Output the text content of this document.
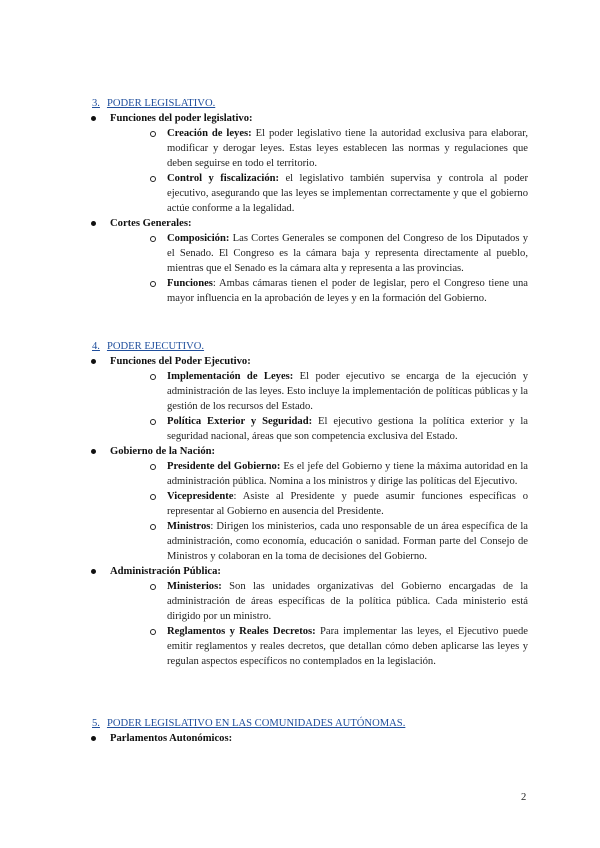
3. PODER LEGISLATIVO.
Funciones del poder legislativo:

Creación de leyes: El poder legislativo tiene la autoridad exclusiva para elaborar, modificar y derogar leyes. Estas leyes establecen las normas y regulaciones que deben seguirse en todo el territorio.

Control y fiscalización: el legislativo también supervisa y controla al poder ejecutivo, asegurando que las leyes se implementan correctamente y que el gobierno actúe conforme a la legalidad.

Cortes Generales:

Composición: Las Cortes Generales se componen del Congreso de los Diputados y el Senado. El Congreso es la cámara baja y representa directamente al pueblo, mientras que el Senado es la cámara alta y representa a las provincias.

Funciones: Ambas cámaras tienen el poder de legislar, pero el Congreso tiene una mayor influencia en la aprobación de leyes y en la formación del Gobierno.

4. PODER EJECUTIVO.
Funciones del Poder Ejecutivo:

Implementación de Leyes: El poder ejecutivo se encarga de la ejecución y administración de las leyes. Esto incluye la implementación de políticas públicas y la gestión de los recursos del Estado.

Política Exterior y Seguridad: El ejecutivo gestiona la política exterior y la seguridad nacional, áreas que son competencia exclusiva del Estado.

Gobierno de la Nación:

Presidente del Gobierno: Es el jefe del Gobierno y tiene la máxima autoridad en la administración pública. Nomina a los ministros y dirige las políticas del Ejecutivo.

Vicepresidente: Asiste al Presidente y puede asumir funciones específicas o representar al Gobierno en ausencia del Presidente.

Ministros: Dirigen los ministerios, cada uno responsable de un área específica de la administración, como economía, educación o sanidad. Forman parte del Consejo de Ministros y colaboran en la toma de decisiones del Gobierno.

Administración Pública:

Ministerios: Son las unidades organizativas del Gobierno encargadas de la administración de áreas específicas de la política pública. Cada ministerio está dirigido por un ministro.

Reglamentos y Reales Decretos: Para implementar las leyes, el Ejecutivo puede emitir reglamentos y reales decretos, que detallan cómo deben aplicarse las leyes y regulan aspectos específicos no contemplados en la legislación.

5. PODER LEGISLATIVO EN LAS COMUNIDADES AUTÓNOMAS.
Parlamentos Autonómicos:
2
